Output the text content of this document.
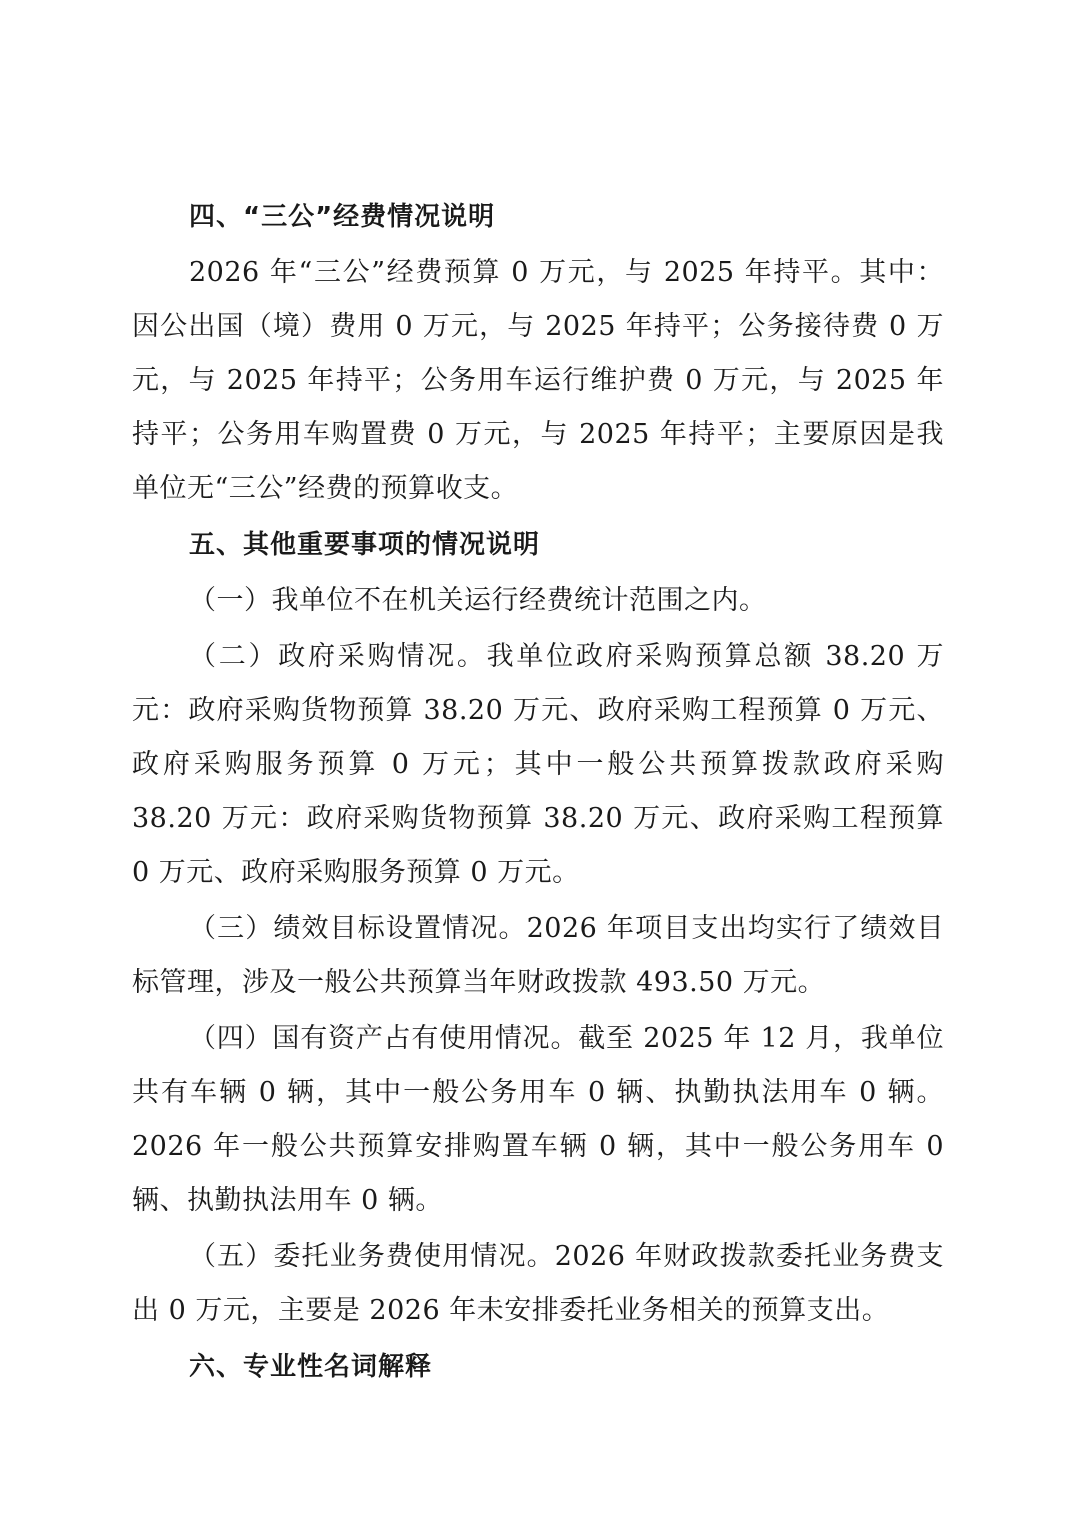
四、“三公”经费情况说明

2026 年“三公”经费预算 0 万元，与 2025 年持平。其中：因公出国（境）费用 0 万元，与 2025 年持平；公务接待费 0 万元，与 2025 年持平；公务用车运行维护费 0 万元，与 2025 年持平；公务用车购置费 0 万元，与 2025 年持平；主要原因是我单位无“三公”经费的预算收支。

五、其他重要事项的情况说明

（一）我单位不在机关运行经费统计范围之内。

（二）政府采购情况。我单位政府采购预算总额 38.20 万元：政府采购货物预算 38.20 万元、政府采购工程预算 0 万元、政府采购服务预算 0 万元；其中一般公共预算拨款政府采购 38.20 万元：政府采购货物预算 38.20 万元、政府采购工程预算 0 万元、政府采购服务预算 0 万元。

（三）绩效目标设置情况。2026 年项目支出均实行了绩效目标管理，涉及一般公共预算当年财政拨款 493.50 万元。

（四）国有资产占有使用情况。截至 2025 年 12 月，我单位共有车辆 0 辆，其中一般公务用车 0 辆、执勤执法用车 0 辆。2026 年一般公共预算安排购置车辆 0 辆，其中一般公务用车 0 辆、执勤执法用车 0 辆。

（五）委托业务费使用情况。2026 年财政拨款委托业务费支出 0 万元，主要是 2026 年未安排委托业务相关的预算支出。

六、专业性名词解释
